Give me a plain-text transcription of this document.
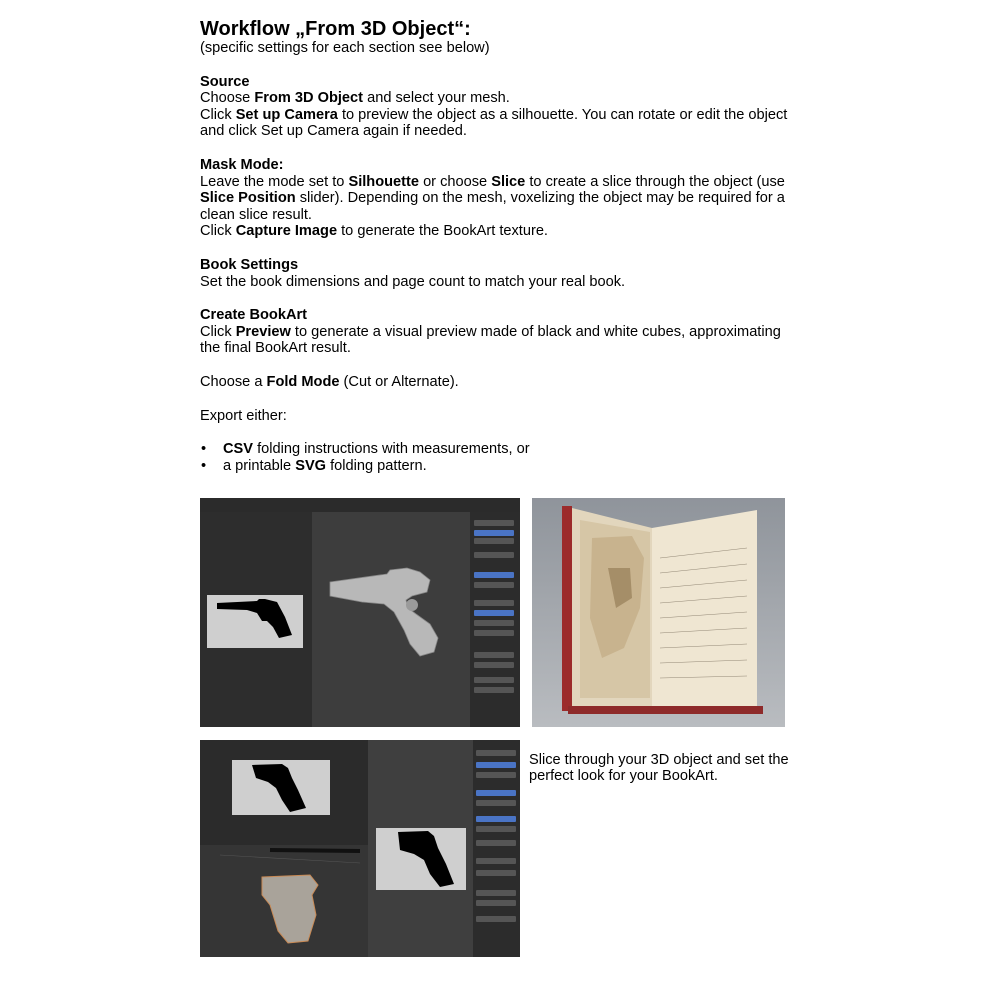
Workflow „From 3D Object“:

(specific settings for each section see below)

Source

Choose From 3D Object and select your mesh.

Click Set up Camera to preview the object as a silhouette. You can rotate or edit the object and click Set up Camera again if needed.

Mask Mode:

Leave the mode set to Silhouette or choose Slice to create a slice through the object (use Slice Position slider). Depending on the mesh, voxelizing the object may be required for a clean slice result.

Click Capture Image to generate the BookArt texture.

Book Settings

Set the book dimensions and page count to match your real book.

Create BookArt

Click Preview to generate a visual preview made of black and white cubes, approximating the final BookArt result.

Choose a Fold Mode (Cut or Alternate).

Export either:

• CSV folding instructions with measurements, or
• a printable SVG folding pattern.

Slice through your 3D object and set the perfect look for your BookArt.
